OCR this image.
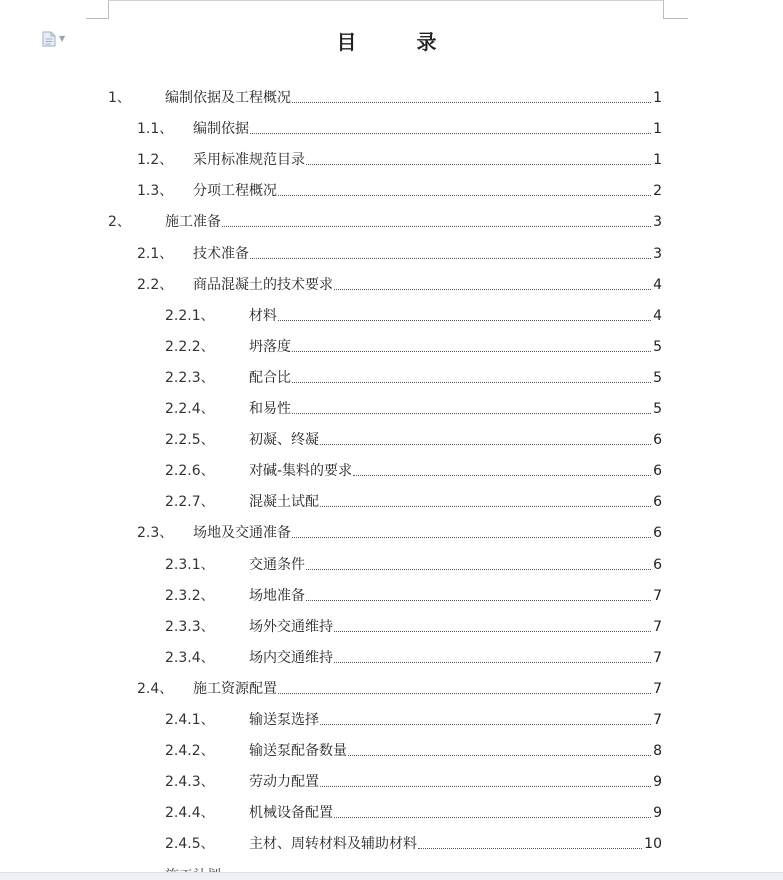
▼	目　录
1、 编制依据及工程概况	1
1.1、 编制依据	1
1.2、 采用标准规范目录	1
1.3、 分项工程概况	2
2、 施工准备	3
2.1、 技术准备	3
2.2、 商品混凝土的技术要求	4
2.2.1、 材料	4
2.2.2、 坍落度	5
2.2.3、 配合比	5
2.2.4、 和易性	5
2.2.5、 初凝、终凝	6
2.2.6、 对碱-集料的要求	6
2.2.7、 混凝土试配	6
2.3、 场地及交通准备	6
2.3.1、 交通条件	6
2.3.2、 场地准备	7
2.3.3、 场外交通维持	7
2.3.4、 场内交通维持	7
2.4、 施工资源配置	7
2.4.1、 输送泵选择	7
2.4.2、 输送泵配备数量	8
2.4.3、 劳动力配置	9
2.4.4、 机械设备配置	9
2.4.5、 主材、周转材料及辅助材料	10
